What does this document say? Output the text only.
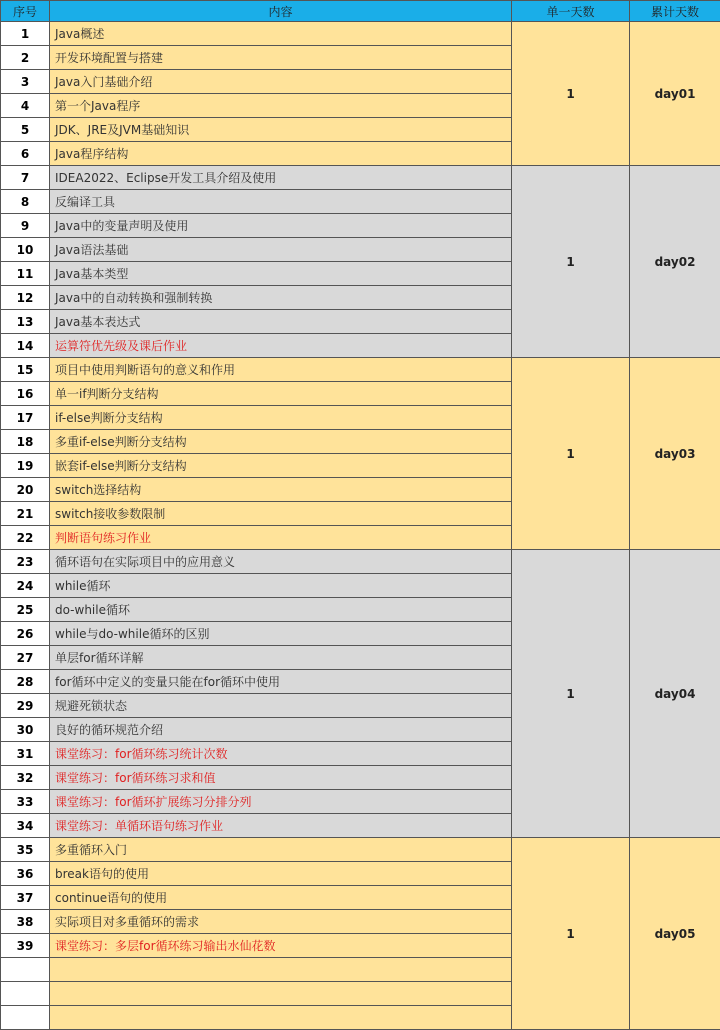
序号	内容	单一天数	累计天数
1	Java概述	1	day01
2	开发环境配置与搭建		
3	Java入门基础介绍		
4	第一个Java程序		
5	JDK、JRE及JVM基础知识		
6	Java程序结构		
7	IDEA2022、Eclipse开发工具介绍及使用	1	day02
8	反编译工具		
9	Java中的变量声明及使用		
10	Java语法基础		
11	Java基本类型		
12	Java中的自动转换和强制转换		
13	Java基本表达式		
14	运算符优先级及课后作业		
15	项目中使用判断语句的意义和作用	1	day03
16	单一if判断分支结构		
17	if-else判断分支结构		
18	多重if-else判断分支结构		
19	嵌套if-else判断分支结构		
20	switch选择结构		
21	switch接收参数限制		
22	判断语句练习作业		
23	循环语句在实际项目中的应用意义	1	day04
24	while循环		
25	do-while循环		
26	while与do-while循环的区别		
27	单层for循环详解		
28	for循环中定义的变量只能在for循环中使用		
29	规避死锁状态		
30	良好的循环规范介绍		
31	课堂练习：for循环练习统计次数		
32	课堂练习：for循环练习求和值		
33	课堂练习：for循环扩展练习分排分列		
34	课堂练习：单循环语句练习作业		
35	多重循环入门	1	day05
36	break语句的使用		
37	continue语句的使用		
38	实际项目对多重循环的需求		
39	课堂练习：多层for循环练习输出水仙花数		
